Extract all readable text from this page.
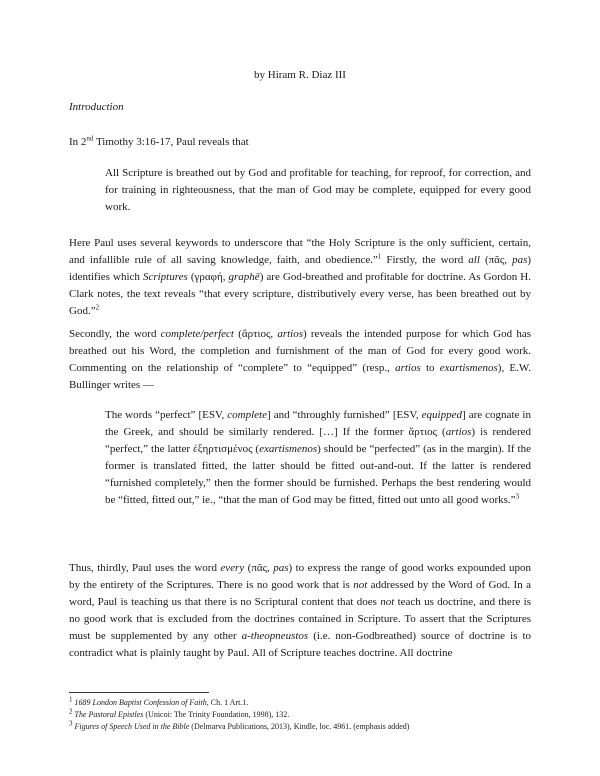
by Hiram R. Diaz III
Introduction
In 2nd Timothy 3:16-17, Paul reveals that
All Scripture is breathed out by God and profitable for teaching, for reproof, for correction, and for training in righteousness, that the man of God may be complete, equipped for every good work.
Here Paul uses several keywords to underscore that “the Holy Scripture is the only sufficient, certain, and infallible rule of all saving knowledge, faith, and obedience.”$^1$ Firstly, the word all (πᾶς, pas) identifies which Scriptures (γραφή, graphē) are God-breathed and profitable for doctrine. As Gordon H. Clark notes, the text reveals “that every scripture, distributively every verse, has been breathed out by God.”$^2$
Secondly, the word complete/perfect (ἄρτιος, artios) reveals the intended purpose for which God has breathed out his Word, the completion and furnishment of the man of God for every good work. Commenting on the relationship of “complete” to “equipped” (resp., artios to exartismenos), E.W. Bullinger writes —
The words “perfect” [ESV, complete] and “throughly furnished” [ESV, equipped] are cognate in the Greek, and should be similarly rendered. […] If the former ἄρτιος (artios) is rendered “perfect,” the latter ἐξηρτισμένος (exartismenos) should be “perfected” (as in the margin). If the former is translated fitted, the latter should be fitted out-and-out. If the latter is rendered “furnished completely,” then the former should be furnished. Perhaps the best rendering would be “fitted, fitted out,” ie., “that the man of God may be fitted, fitted out unto all good works.”$^3$
Thus, thirdly, Paul uses the word every (πᾶς, pas) to express the range of good works expounded upon by the entirety of the Scriptures. There is no good work that is not addressed by the Word of God. In a word, Paul is teaching us that there is no Scriptural content that does not teach us doctrine, and there is no good work that is excluded from the doctrines contained in Scripture. To assert that the Scriptures must be supplemented by any other a-theopneustos (i.e. non-Godbreathed) source of doctrine is to contradict what is plainly taught by Paul. All of Scripture teaches doctrine. All doctrine
$^1$ 1689 London Baptist Confession of Faith, Ch. 1 Art.1.
$^2$ The Pastoral Epistles (Unicoi: The Trinity Foundation, 1998), 132.
$^3$ Figures of Speech Used in the Bible (Delmarva Publications, 2013), Kindle, loc. 4961. (emphasis added)
